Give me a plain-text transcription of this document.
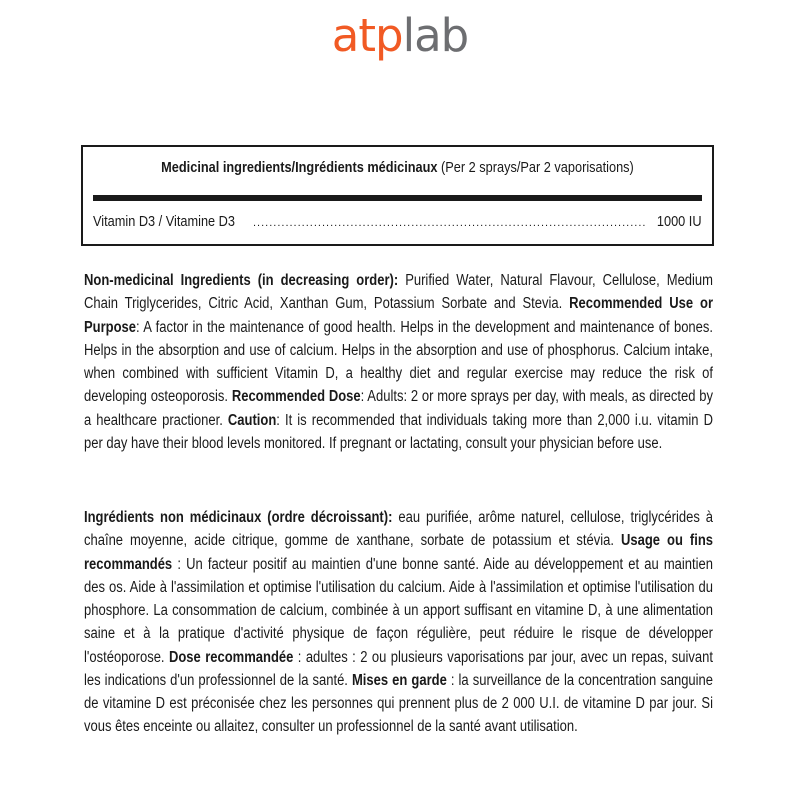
atplab
Medicinal ingredients/Ingrédients médicinaux (Per 2 sprays/Par 2 vaporisations)
Vitamin D3 / Vitamine D3
.....	1000 IU
Non-medicinal Ingredients (in decreasing order): Purified Water, Natural Flavour, Cellulose, Medium Chain Triglycerides, Citric Acid, Xanthan Gum, Potassium Sorbate and Stevia. Recommended Use or Purpose: A factor in the maintenance of good health. Helps in the development and maintenance of bones. Helps in the absorption and use of calcium. Helps in the absorption and use of phosphorus. Calcium intake, when combined with sufficient Vitamin D, a healthy diet and regular exercise may reduce the risk of developing osteoporosis. Recommended Dose: Adults: 2 or more sprays per day, with meals, as directed by a healthcare practioner. Caution: It is recommended that individuals taking more than 2,000 i.u. vitamin D per day have their blood levels monitored. If pregnant or lactating, consult your physician before use.
Ingrédients non médicinaux (ordre décroissant): eau purifiée, arôme naturel, cellulose, triglycérides à chaîne moyenne, acide citrique, gomme de xanthane, sorbate de potassium et stévia. Usage ou fins recommandés : Un facteur positif au maintien d'une bonne santé. Aide au développement et au maintien des os. Aide à l'assimilation et optimise l'utilisation du calcium. Aide à l'assimilation et optimise l'utilisation du phosphore. La consommation de calcium, combinée à un apport suffisant en vitamine D, à une alimentation saine et à la pratique d'activité physique de façon régulière, peut réduire le risque de développer l'ostéoporose. Dose recommandée : adultes : 2 ou plusieurs vaporisations par jour, avec un repas, suivant les indications d'un professionnel de la santé. Mises en garde : la surveillance de la concentration sanguine de vitamine D est préconisée chez les personnes qui prennent plus de 2 000 U.I. de vitamine D par jour. Si vous êtes enceinte ou allaitez, consulter un professionnel de la santé avant utilisation.
